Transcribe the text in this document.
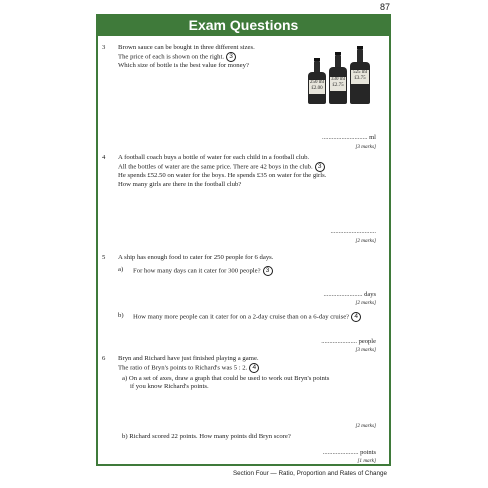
87
Exam Questions
3 Brown sauce can be bought in three different sizes.
The price of each is shown on the right. 3
Which size of bottle is the best value for money?
250 ml
£2.00
330 ml
£2.75
525 ml
£3.75
............................ ml
[3 marks]
4 A football coach buys a bottle of water for each child in a football club.
All the bottles of water are the same price. There are 42 boys in the club. 3
He spends £52.50 on water for the boys. He spends £35 on water for the girls.
How many girls are there in the football club?
............................
[2 marks]
5 A ship has enough food to cater for 250 people for 6 days.
a) For how many days can it cater for 300 people? 3
........................ days
[2 marks]
b) How many more people can it cater for on a 2-day cruise than on a 6-day cruise? 4
...................... people
[3 marks]
6 Bryn and Richard have just finished playing a game.
The ratio of Bryn's points to Richard's was 5 : 2. 4
a) On a set of axes, draw a graph that could be used to work out Bryn's points
if you know Richard's points.
[2 marks]
b) Richard scored 22 points. How many points did Bryn score?
...................... points
[1 mark]
Section Four — Ratio, Proportion and Rates of Change
